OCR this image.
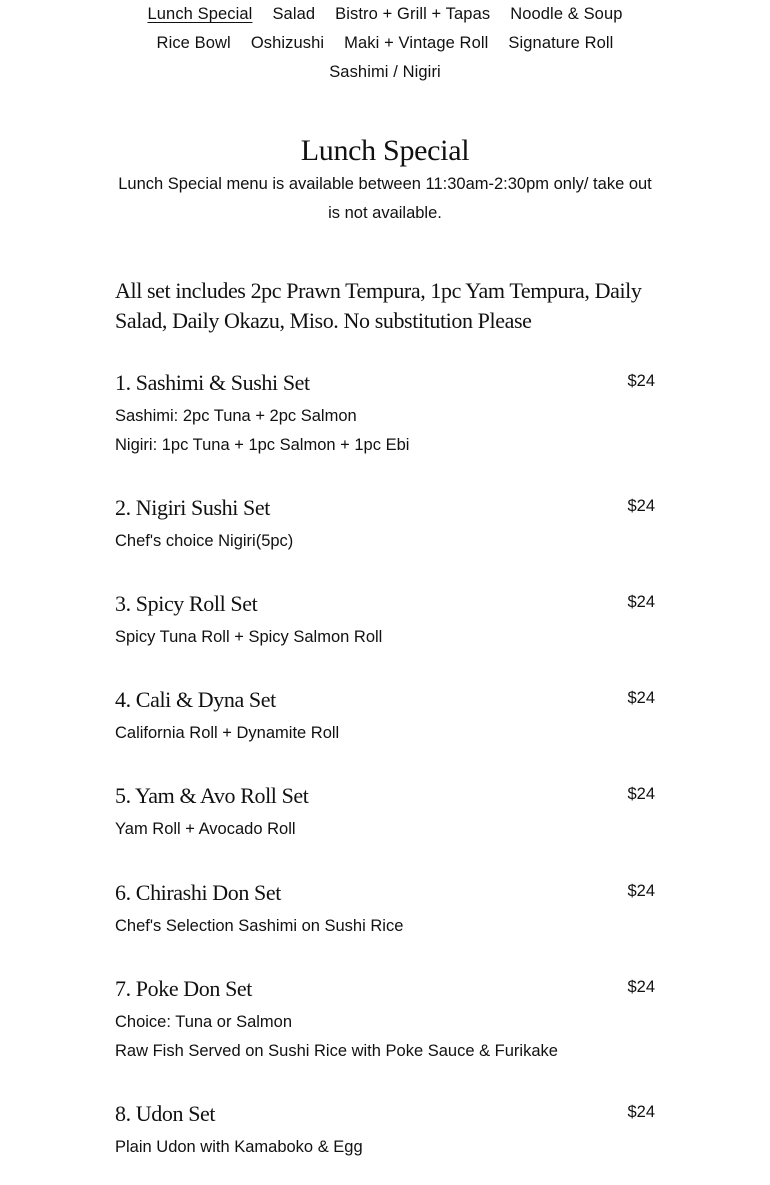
Lunch Special Salad Bistro + Grill + Tapas Noodle & Soup
Rice Bowl Oshizushi Maki + Vintage Roll Signature Roll
Sashimi / Nigiri
Lunch Special

Lunch Special menu is available between 11:30am-2:30pm only/ take out is not available.

All set includes 2pc Prawn Tempura, 1pc Yam Tempura, Daily Salad, Daily Okazu, Miso. No substitution Please

1. Sashimi & Sushi Set	$24
Sashimi: 2pc Tuna + 2pc Salmon
Nigiri: 1pc Tuna + 1pc Salmon + 1pc Ebi
2. Nigiri Sushi Set	$24
Chef's choice Nigiri(5pc)
3. Spicy Roll Set	$24
Spicy Tuna Roll + Spicy Salmon Roll
4. Cali & Dyna Set	$24
California Roll + Dynamite Roll
5. Yam & Avo Roll Set	$24
Yam Roll + Avocado Roll
6. Chirashi Don Set	$24
Chef's Selection Sashimi on Sushi Rice
7. Poke Don Set	$24
Choice: Tuna or Salmon
Raw Fish Served on Sushi Rice with Poke Sauce & Furikake
8. Udon Set	$24
Plain Udon with Kamaboko & Egg
